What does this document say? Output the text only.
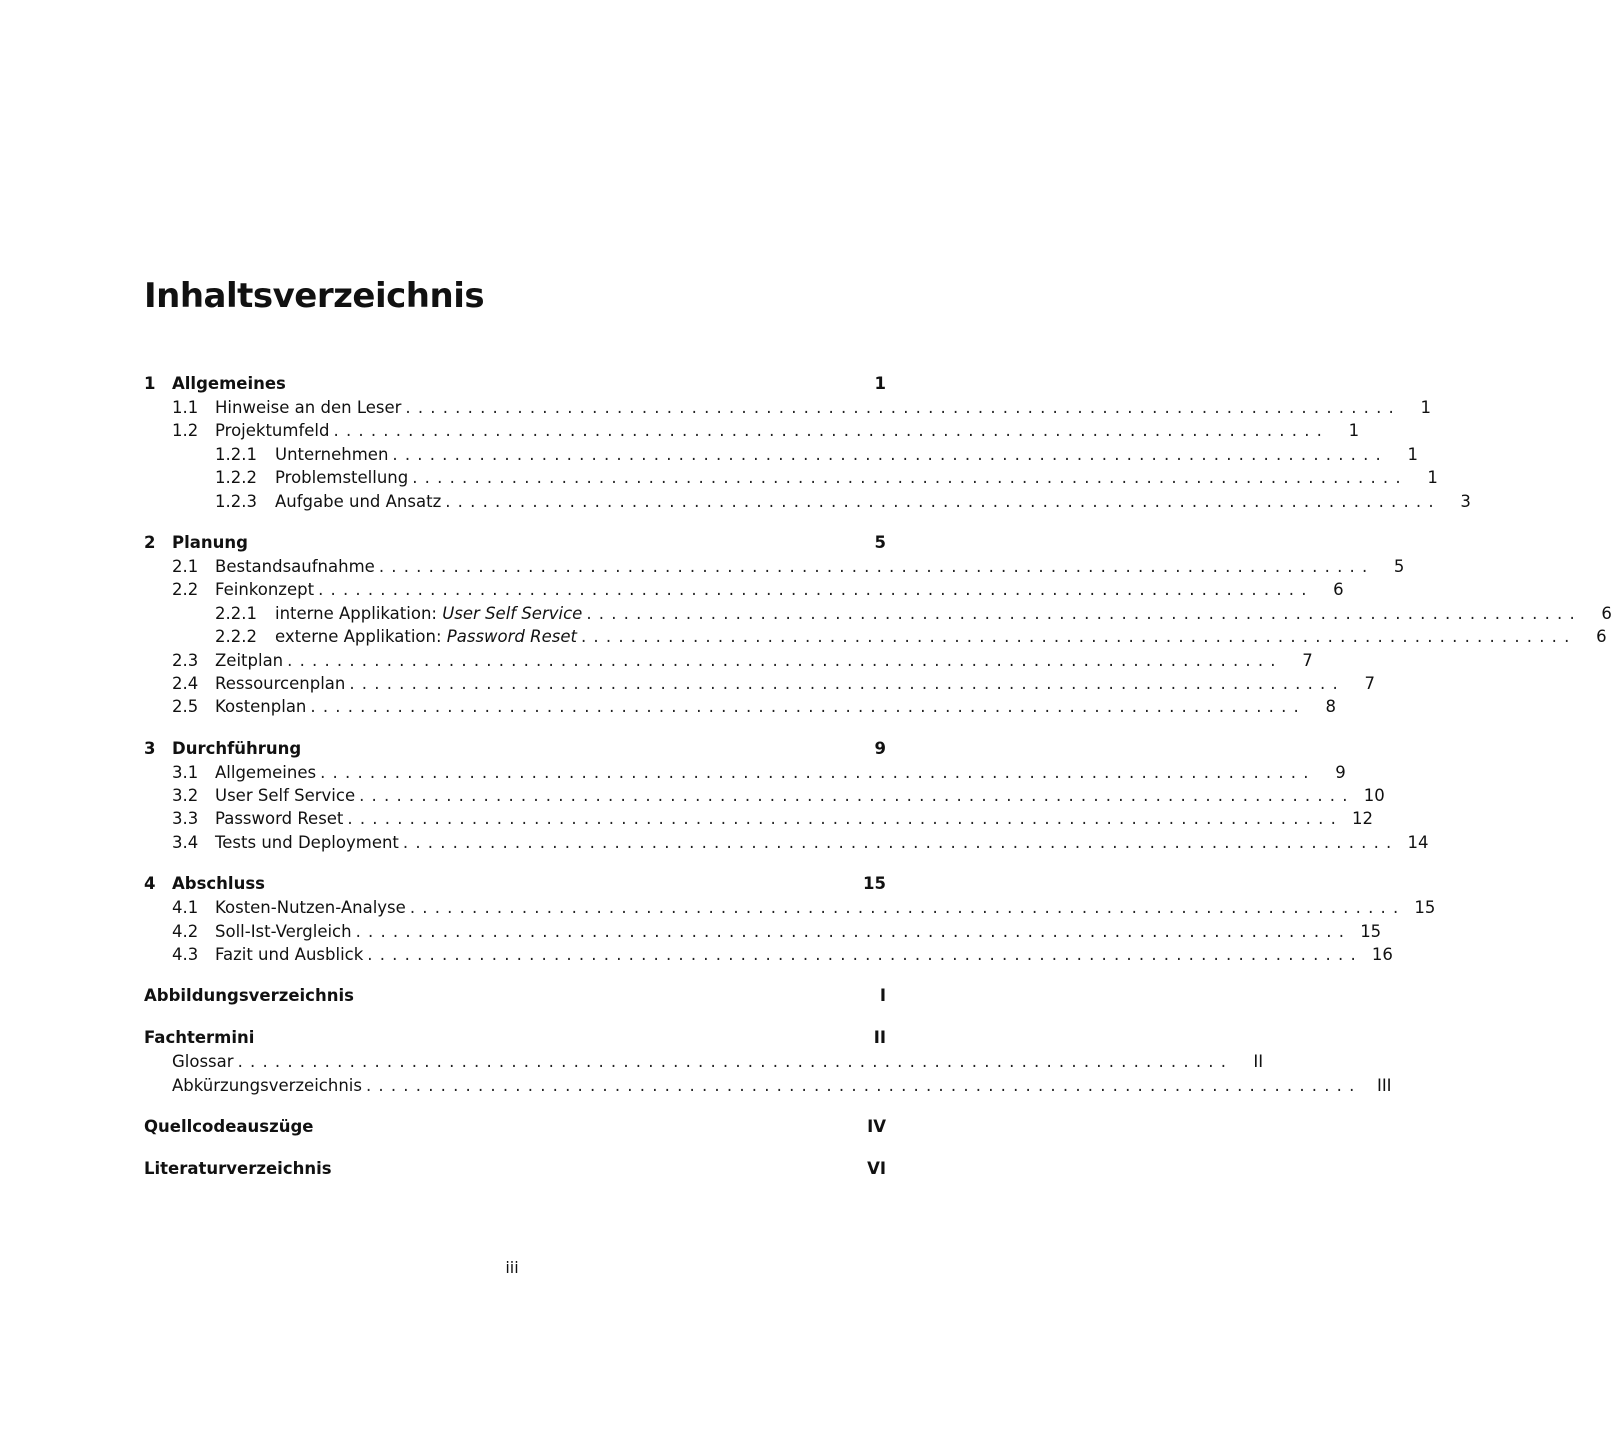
Inhaltsverzeichnis
1	Allgemeines	1
1.1	Hinweise an den Leser ................................................................................	1
1.2	Projektumfeld ................................................................................	1
1.2.1	Unternehmen ................................................................................	1
1.2.2	Problemstellung ................................................................................	1
1.2.3	Aufgabe und Ansatz ................................................................................	3
2	Planung	5
2.1	Bestandsaufnahme ................................................................................	5
2.2	Feinkonzept ................................................................................	6
2.2.1	interne Applikation: User Self Service ................................................................................	6
2.2.2	externe Applikation: Password Reset ................................................................................	6
2.3	Zeitplan ................................................................................	7
2.4	Ressourcenplan ................................................................................	7
2.5	Kostenplan ................................................................................	8
3	Durchführung	9
3.1	Allgemeines ................................................................................	9
3.2	User Self Service ................................................................................ 10
3.3	Password Reset ................................................................................ 12
3.4	Tests und Deployment ................................................................................ 14
4	Abschluss	15
4.1	Kosten-Nutzen-Analyse ................................................................................ 15
4.2	Soll-Ist-Vergleich ................................................................................ 15
4.3	Fazit und Ausblick ................................................................................ 16
Abbildungsverzeichnis	I
Fachtermini	II
Glossar ................................................................................	II
Abkürzungsverzeichnis ................................................................................ III
Quellcodeauszüge	IV
Literaturverzeichnis	VI
iii
